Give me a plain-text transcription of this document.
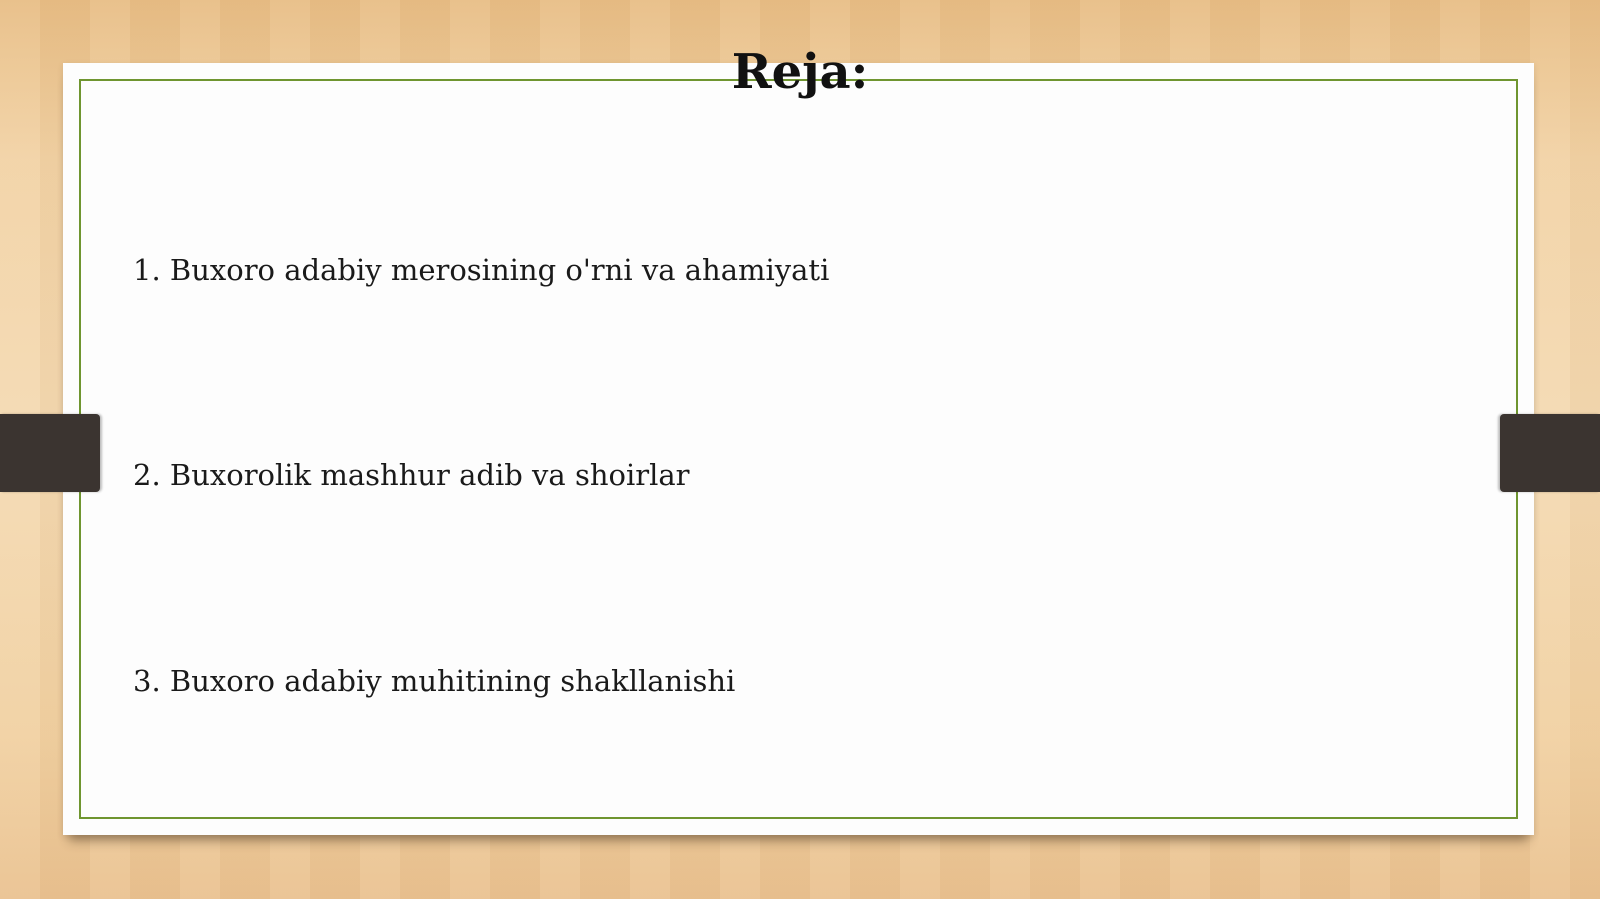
Reja:
1. Buxoro adabiy merosining o'rni va ahamiyati
2. Buxorolik mashhur adib va shoirlar
3. Buxoro adabiy muhitining shakllanishi
